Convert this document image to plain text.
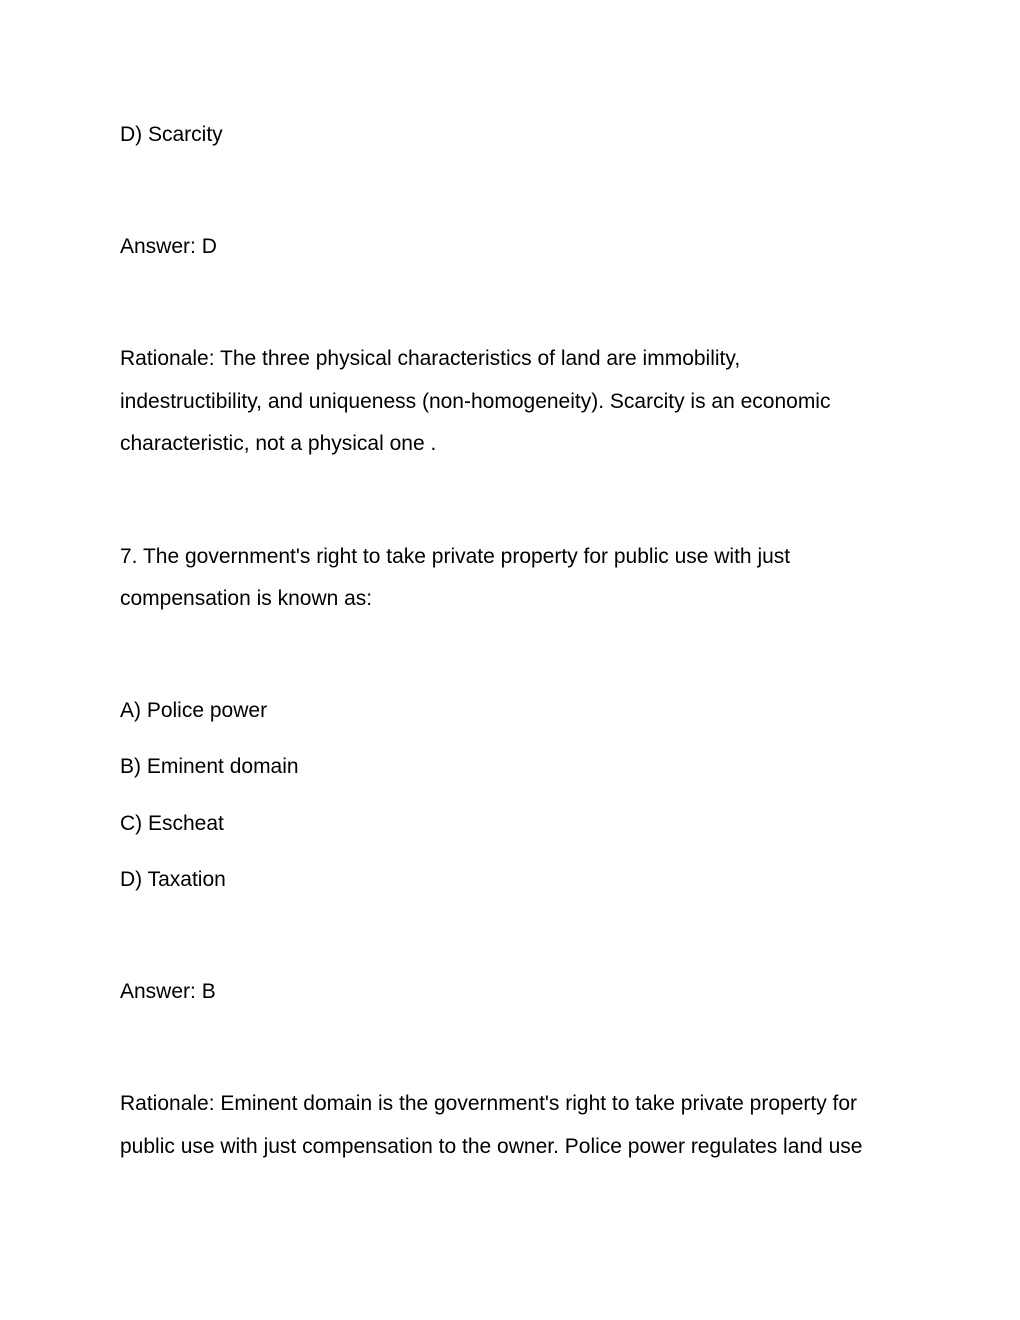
D) Scarcity
Answer: D
Rationale: The three physical characteristics of land are immobility,
indestructibility, and uniqueness (non-homogeneity). Scarcity is an economic
characteristic, not a physical one .
7. The government's right to take private property for public use with just
compensation is known as:
A) Police power
B) Eminent domain
C) Escheat
D) Taxation
Answer: B
Rationale: Eminent domain is the government's right to take private property for
public use with just compensation to the owner. Police power regulates land use
